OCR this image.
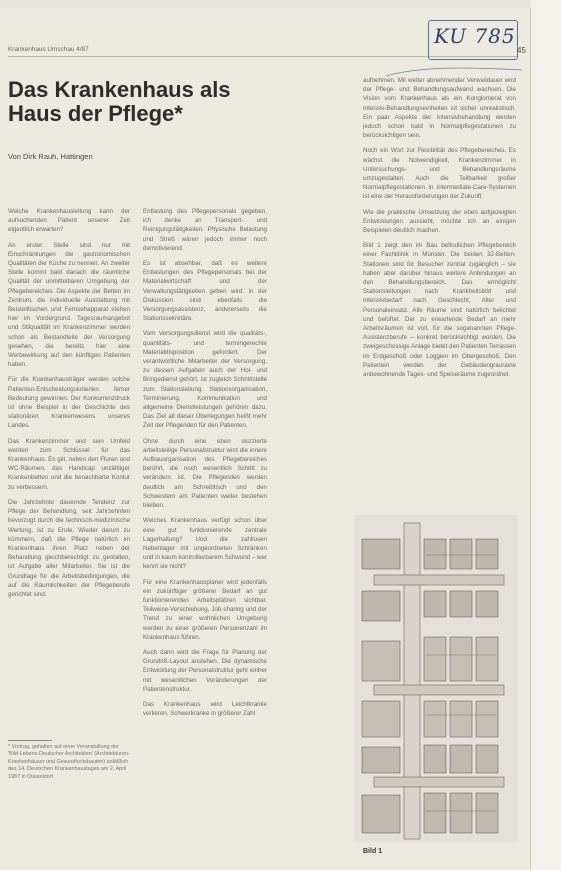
Krankenhaus Umschau 4/87
KU 785
45
Das Krankenhaus als Haus der Pflege*
Von Dirk Rauh, Hattingen

Welche Krankenhausleitung kann der aufsuchenden Patient unserer Zeit eigentlich erwarten?

An erster Stelle sind nur mit Einschränkungen die gastronomischen Qualitäten der Küche zu nennen. An zweiter Stelle kommt bald danach die räumliche Qualität der unmittelbaren Umgebung der Pflegebereiches. Die Aspekte der Betten im Zentrum, die individuelle Ausstattung mit Beistelltischen und Fernsehapparat stehen hier im Vordergrund. Tagesraumangebot und Stilqualität im Krankenzimmer werden schon als Bestandteile der Versorgung gesehen, die bereits hier eine Werbewirkung auf den künftigen Patienten haben.

Für die Krankenhausträger werden solche Patienten-Entscheidungskriterien ferner Bedeutung gewinnen. Der Konkurrenzdruck ist ohne Beispiel in der Geschichte des stationären Krankenwesens unseres Landes.

Das Krankenzimmer und sein Umfeld werden zum Schlüssel für das Krankenhaus. Es gilt, neben den Fluren und WC-Räumen, das Handicap unzähliger Krankenbetten und die benachbarte Kontur zu verbessern.

Die Jahrzehnte dauernde Tendenz zur Pflege der Behandlung, seit Jahrzehnten bevorzugt durch die technisch-medizinische Wertung, ist zu Ende. Wieder darum zu kümmern, daß die Pflege natürlich im Krankenhaus ihren Platz neben der Behandlung gleichberechtigt zu gestalten, ist Aufgabe aller Mitarbeiter. Sie ist die Grundlage für die Arbeitsbedingungen, die auf die Räumlichkeiten der Pflegeberufe gerichtet sind.

* Vortrag, gehalten auf einer Veranstaltung der 'Bild-Lebens Deutscher Architekten' (Architekturen-Krankenhäuser und Gesundheitsbauten) anläßlich des 14. Deutschen Krankenhaustages am 2. April 1987 in Düsseldorf

Entlastung des Pflegepersonals gegeben, ich denke an Transport- und Reinigungstätigkeiten. Physische Belastung und Streß wären jedoch immer noch demotivierend.

Es ist absehbar, daß es weitere Entlastungen des Pflegepersonals bei der Materialwirtschaft und der Verwaltungstätigkeiten geben wird. In der Diskussion sind ebenfalls die Versorgungsassistenz, andererseits die Stationssekretäre.

Vom Versorgungsdienst wird die qualitäts-, quantitäts- und termingerechte Materialdisposition gefordert. Der verantwortliche Mitarbeiter der Versorgung, zu dessen Aufgaben auch der Hol- und Bringedienst gehört, ist zugleich Schnittstelle zum Stationsleitung. Stationsorganisation, Terminierung, Kommunikation und allgemeine Dienstleistungen gehören dazu. Das Ziel all dieser Überlegungen heißt mehr Zeit der Pflegenden für den Patienten.

Ohne durch eine eben skizzierte arbeitsteilige Personalstruktur wird die innere Aufbauorganisation des Pflegebereiches berührt, die noch wesentlich Schritt zu verändern ist. Die Pflegenden werden deutlich am Schreibtisch und den Schwestern am Patienten weiter bestehen bleiben.

Welches Krankenhaus verfügt schon über eine gut funktionierende zentrale Lagerhaltung? Und die zahllosen Nebenlager mit ungeordneten Schränken und in kaum kontrollierbarem Schwund – wer kennt sie nicht?

Für eine Krankenhausplaner wird jedenfalls ein zukünftiger größerer Bedarf an gut funktionierenden Arbeitsplätzen sichtbar. Teilweise-Verschiebung, Job-sharing und der Trend zu einer wohnlichen Umgebung werden zu einer größeren Personenzahl im Krankenhaus führen.

Auch dann wird die Frage für Planung der Grundriß-Layout anstehen. Die dynamische Entwicklung der Personalstruktur geht einher mit wesentlichen Veränderungen der Patientenstruktur.

Das Krankenhaus wird Leichtkranke verlieren. Schwerkranke in größerer Zahl

aufnehmen. Mit weiter abnehmender Verweildauer wird der Pflege- und Behandlungsaufwand wachsen. Die Vision vom Krankenhaus als ein Konglomerat von Intensiv-Behandlungseinheiten ist sicher unrealistisch. Ein paar Aspekte der Intensivbehandlung werden jedoch schon bald in Normalpflegestationen zu berücksichtigen sein.

Noch ein Wort zur Flexibilität des Pflegebereiches. Es wächst die Notwendigkeit, Krankenzimmer in Untersuchungs- und Behandlungsräume umzugestalten. Auch die Teilbarkeit großer Normalpflegestationen in intermediate-Care-Systemen ist eine der Herausforderungen der Zukunft.

Wie die praktische Umsetzung der eben aufgezeigten Entwicklungen aussieht, möchte ich an einigen Beispielen deutlich machen.

Bild 1 zeigt den im Bau befindlichen Pflegebereich einer Fachklinik in Münster. Die beiden 32-Betten-Stationen sind für Besucher zentral zugänglich – sie haben aber darüber hinaus weitere Anbindungen an den Behandlungsbereich. Das ermöglicht Stationsleitungen nach Krankheitsbild und Intensivbedarf nach Geschlecht, Alter und Personaleinsatz. Alle Räume sind natürlich belichtet und belüftet. Der zu erwartende Bedarf an mehr Arbeitsräumen ist voll, für die sogenannten Pflege-Assistenzberufe – konkret berücksichtigt worden. Die zweigeschossige Anlage bietet den Patienten Terrassen im Erdgeschoß oder Loggien im Obergeschoß. Den Patienten werden der Gebäudengrauraine anbewohnende Tages- und Speiseräume zugeordnet.

Bild 1
